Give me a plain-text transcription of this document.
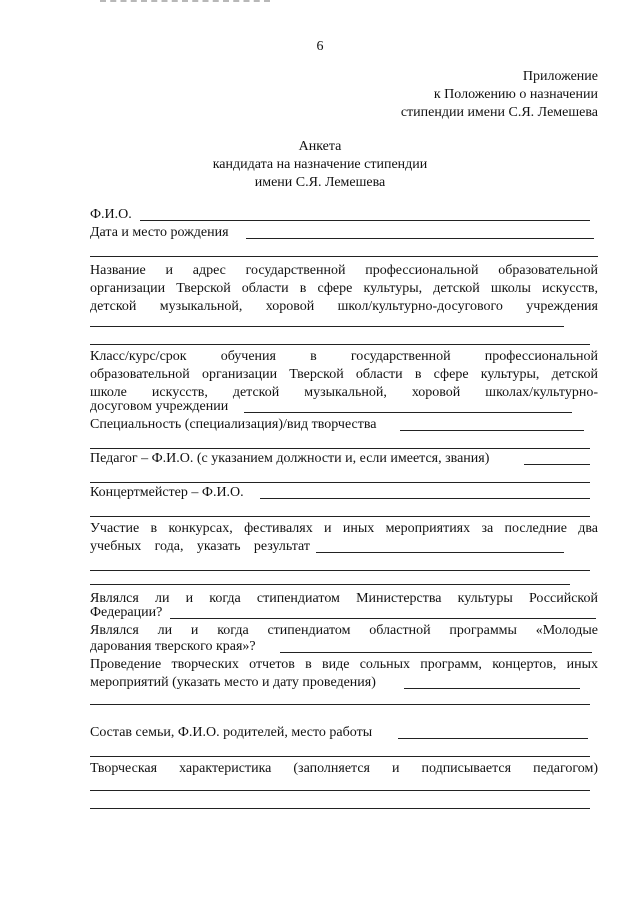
6
Приложение
к Положению о назначении
стипендии имени С.Я. Лемешева
Анкета
кандидата на назначение стипендии
имени С.Я. Лемешева
Ф.И.О.
Дата и место рождения
Название и адрес государственной профессиональной образовательной
организации Тверской области в сфере культуры, детской школы искусств,
детской музыкальной, хоровой школ/культурно-досугового учреждения
Класс/курс/срок обучения в государственной профессиональной
образовательной организации Тверской области в сфере культуры, детской
школе искусств, детской музыкальной, хоровой школах/культурно-
досуговом учреждении
Специальность (специализация)/вид творчества
Педагог – Ф.И.О. (с указанием должности и, если имеется, звания)
Концертмейстер – Ф.И.О.
Участие в конкурсах, фестивалях и иных мероприятиях за последние два
учебных года, указать результат
Являлся ли и когда стипендиатом Министерства культуры Российской
Федерации?
Являлся ли и когда стипендиатом областной программы «Молодые
дарования тверского края»?
Проведение творческих отчетов в виде сольных программ, концертов, иных
мероприятий (указать место и дату проведения)
Состав семьи, Ф.И.О. родителей, место работы
Творческая характеристика (заполняется и подписывается педагогом)
